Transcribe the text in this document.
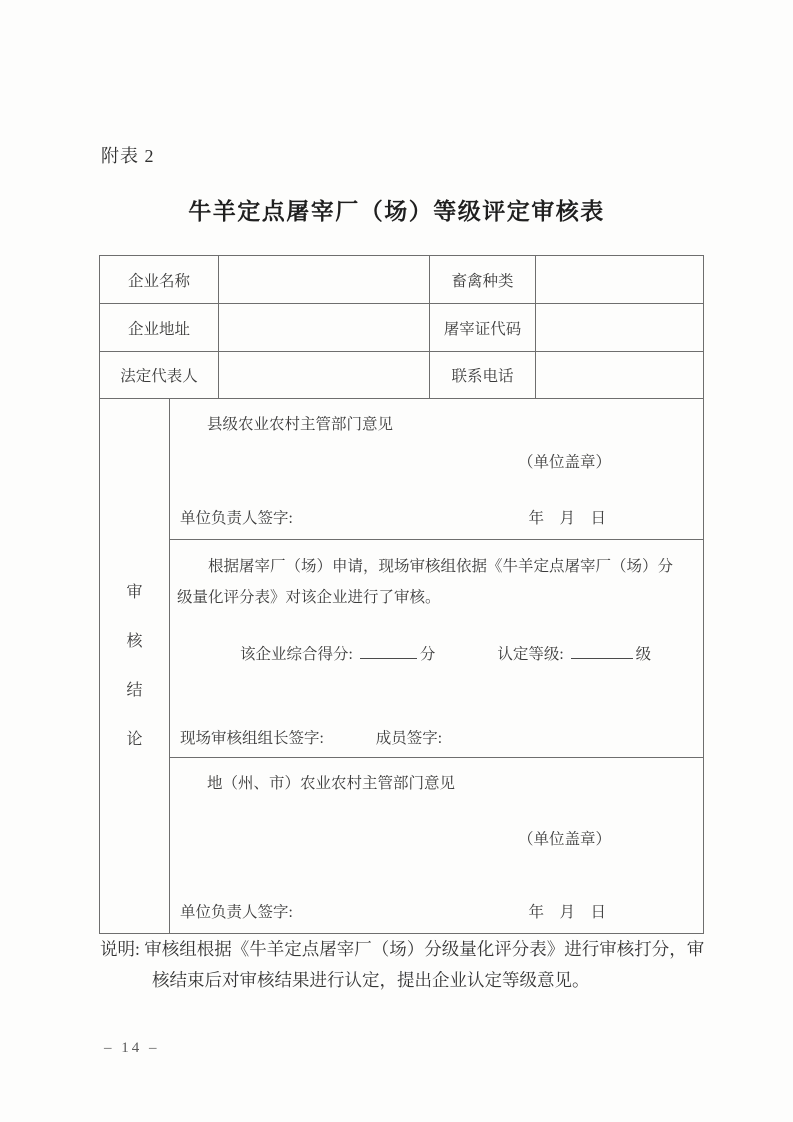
附表 2
牛羊定点屠宰厂（场）等级评定审核表
企业名称		畜禽种类	
企业地址		屠宰证代码	
法定代表人		联系电话	
审核结论

县级农业农村主管部门意见
（单位盖章）
单位负责人签字:	年　月　日

根据屠宰厂（场）申请，现场审核组依据《牛羊定点屠宰厂（场）分级量化评分表》对该企业进行了审核。
该企业综合得分:	分	认定等级:	级
现场审核组组长签字:	成员签字:

地（州、市）农业农村主管部门意见
（单位盖章）
单位负责人签字:	年　月　日
说明: 审核组根据《牛羊定点屠宰厂（场）分级量化评分表》进行审核打分，审核结束后对审核结果进行认定，提出企业认定等级意见。
– 14 –
